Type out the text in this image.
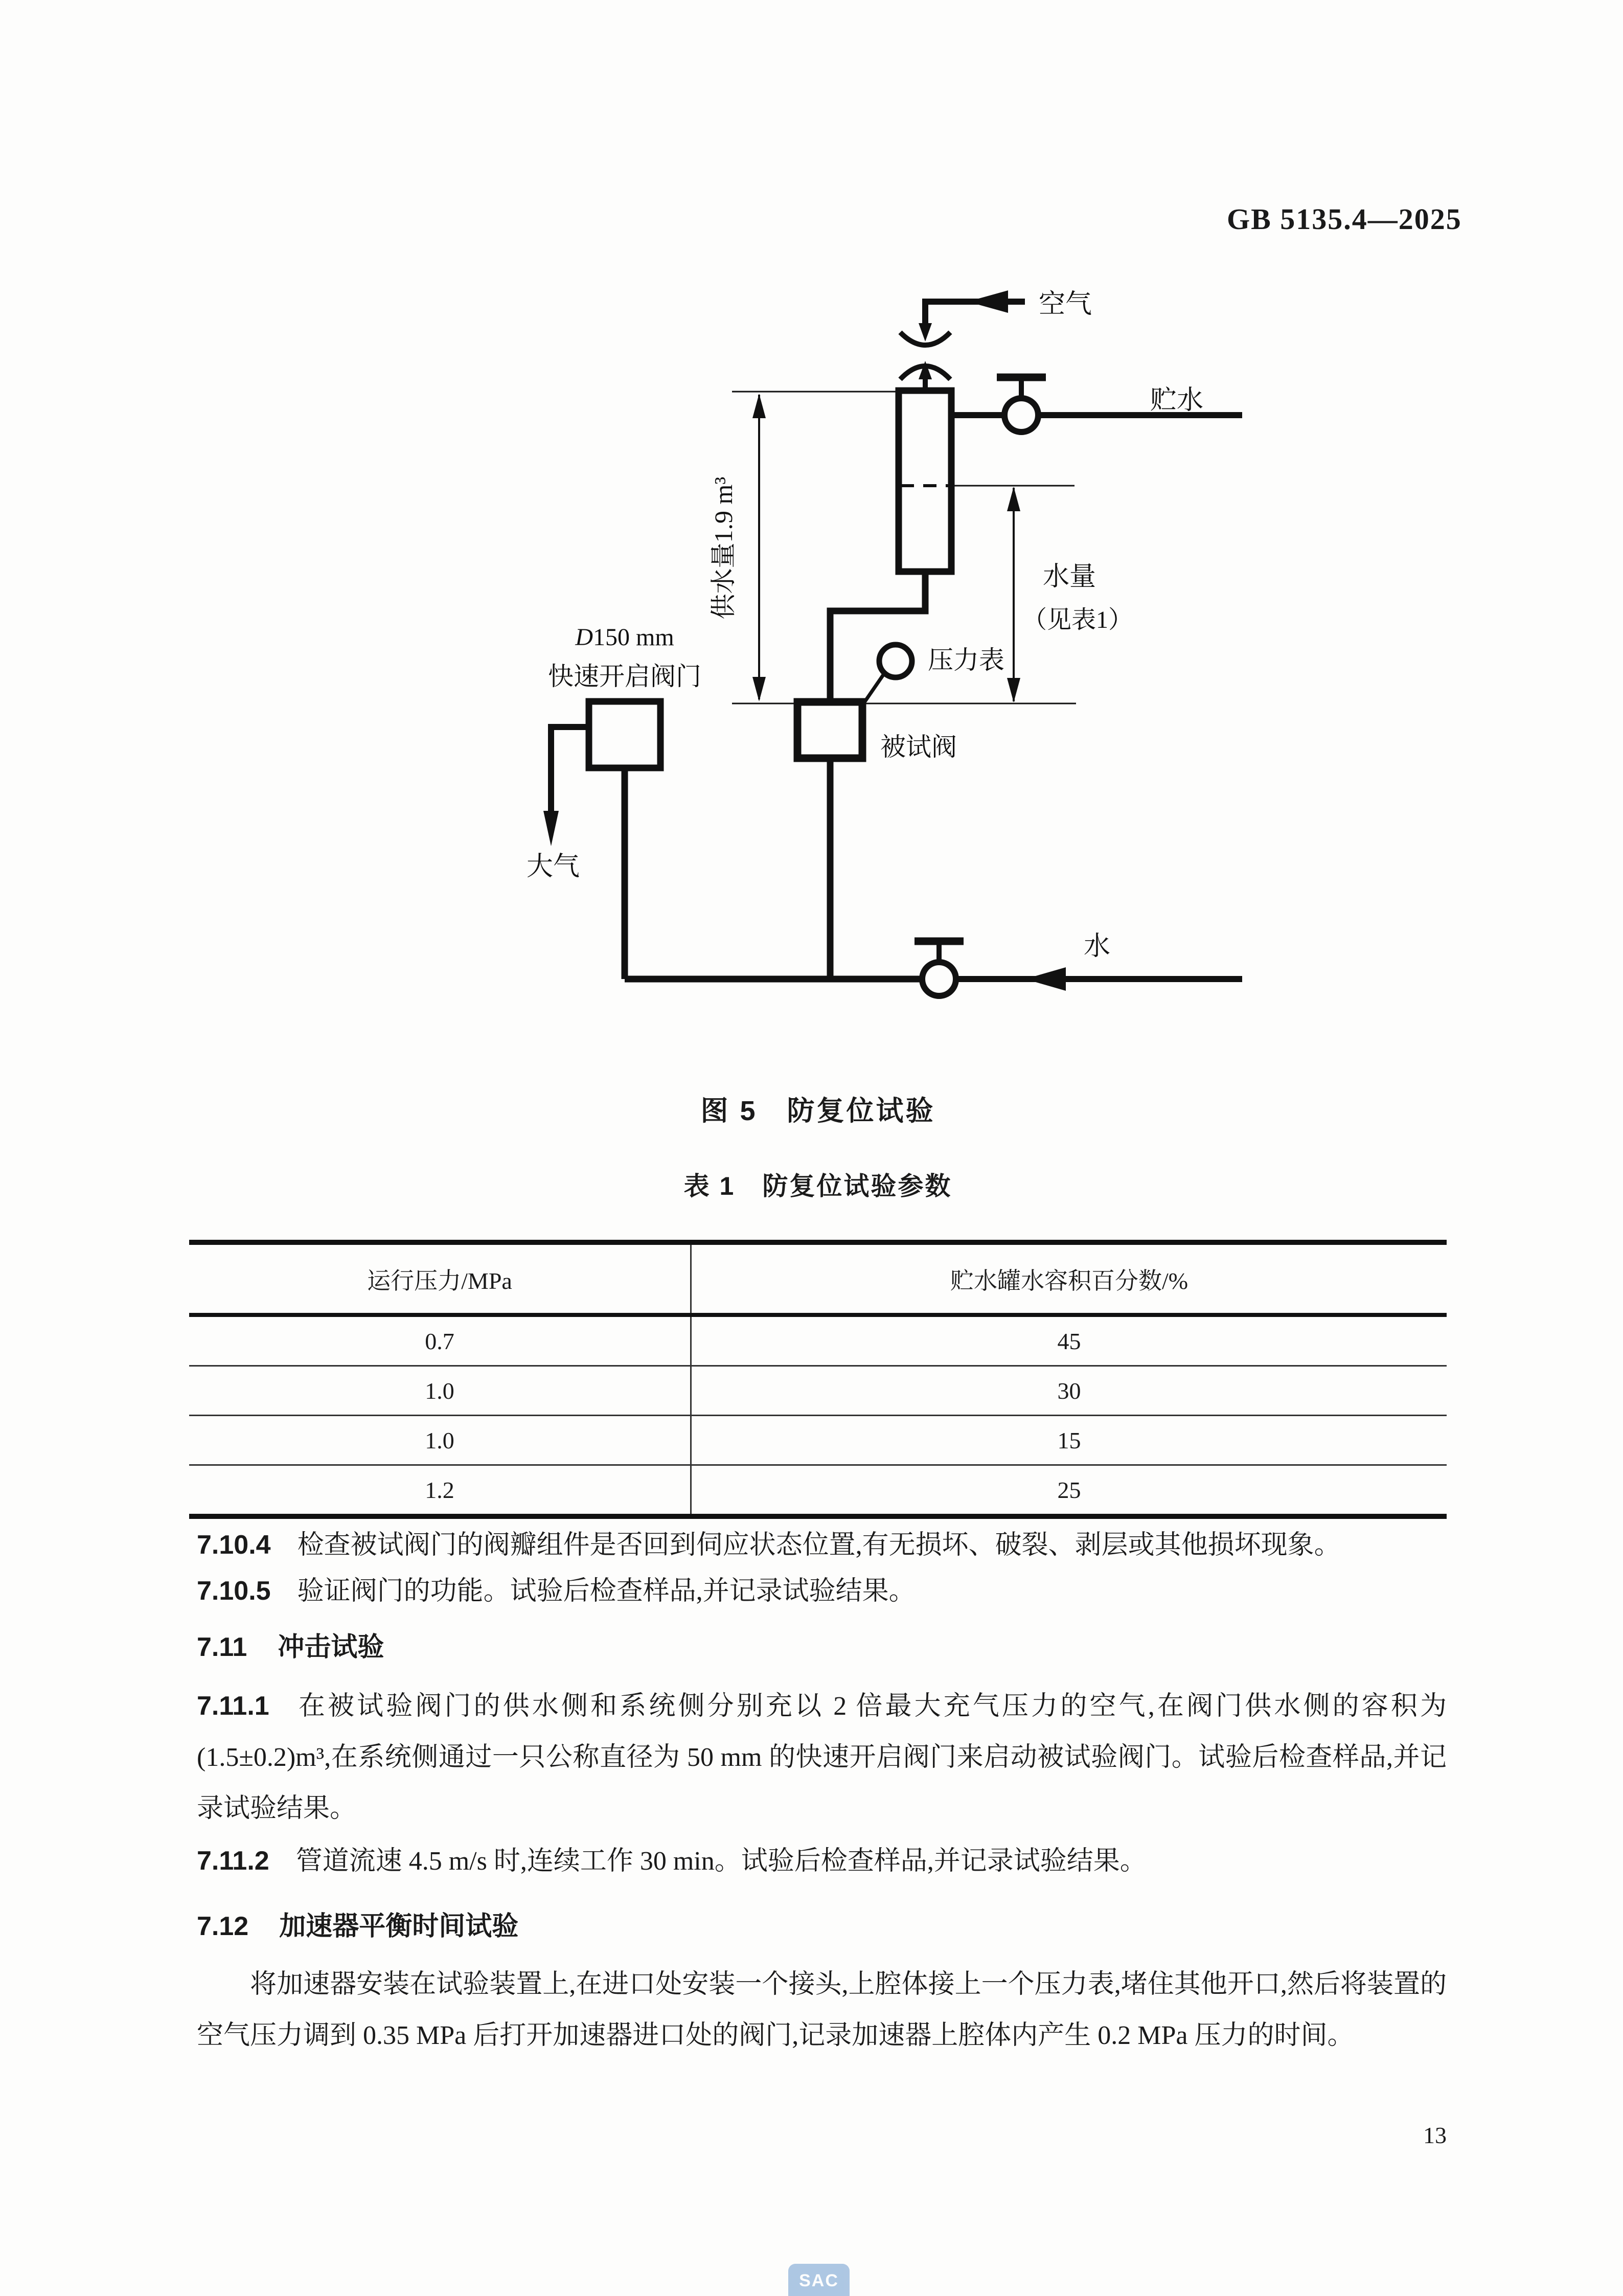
GB 5135.4—2025
空气
贮水
供水量1.9 m³	水量
（见表1）
压力表
被试阀
D150 mm
快速开启阀门
大气
水
图 5　防复位试验
表 1　防复位试验参数
运行压力/MPa	贮水罐水容积百分数/%
0.7	45
1.0	30
1.0	15
1.2	25
7.10.4 检查被试阀门的阀瓣组件是否回到伺应状态位置,有无损坏、破裂、剥层或其他损坏现象。
7.10.5 验证阀门的功能。试验后检查样品,并记录试验结果。
7.11 冲击试验
7.11.1 在被试验阀门的供水侧和系统侧分别充以 2 倍最大充气压力的空气,在阀门供水侧的容积为(1.5±0.2)m³,在系统侧通过一只公称直径为 50 mm 的快速开启阀门来启动被试验阀门。试验后检查样品,并记录试验结果。
7.11.2 管道流速 4.5 m/s 时,连续工作 30 min。试验后检查样品,并记录试验结果。
7.12 加速器平衡时间试验
将加速器安装在试验装置上,在进口处安装一个接头,上腔体接上一个压力表,堵住其他开口,然后将装置的空气压力调到 0.35 MPa 后打开加速器进口处的阀门,记录加速器上腔体内产生 0.2 MPa 压力的时间。
13
SAC
